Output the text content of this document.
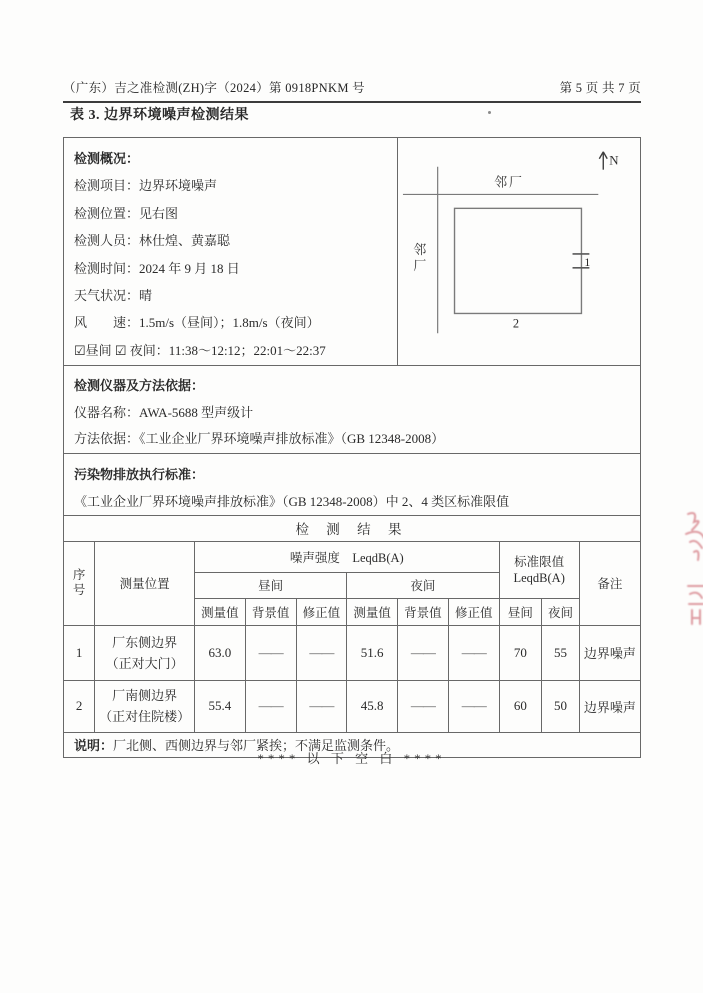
（广东）吉之准检测(ZH)字（2024）第 0918PNKM 号	第 5 页 共 7 页
表 3. 边界环境噪声检测结果
检测概况：
检测项目：边界环境噪声
检测位置：见右图
检测人员：林仕煌、黄嘉聪
检测时间：2024 年 9 月 18 日
天气状况：晴
风　　速：1.5m/s（昼间）；1.8m/s（夜间）
☑昼间 ☑ 夜间：11:38～12:12；22:01～22:37

N
邻厂
邻
厂	1
2

检测仪器及方法依据：
仪器名称：AWA-5688 型声级计
方法依据：《工业企业厂界环境噪声排放标准》（GB 12348-2008）										

污染物排放执行标准：
《工业企业厂界环境噪声排放标准》（GB 12348-2008）中 2、4 类区标准限值										

检 测 结 果										

序号	测量位置	噪声强度　LeqdB(A)						标准限值
LeqdB(A)		备注
		昼间			夜间					
		测量值	背景值	修正值	测量值	背景值	修正值	昼间	夜间	
1	厂东侧边界
（正对大门）	63.0	——	——	51.6	——	——	70	55	边界噪声
2	厂南侧边界
（正对住院楼）	55.4	——	——	45.8	——	——	60	50	边界噪声
说明：厂北侧、西侧边界与邻厂紧挨；不满足监测条件。										
**** 以 下 空 白 ****
